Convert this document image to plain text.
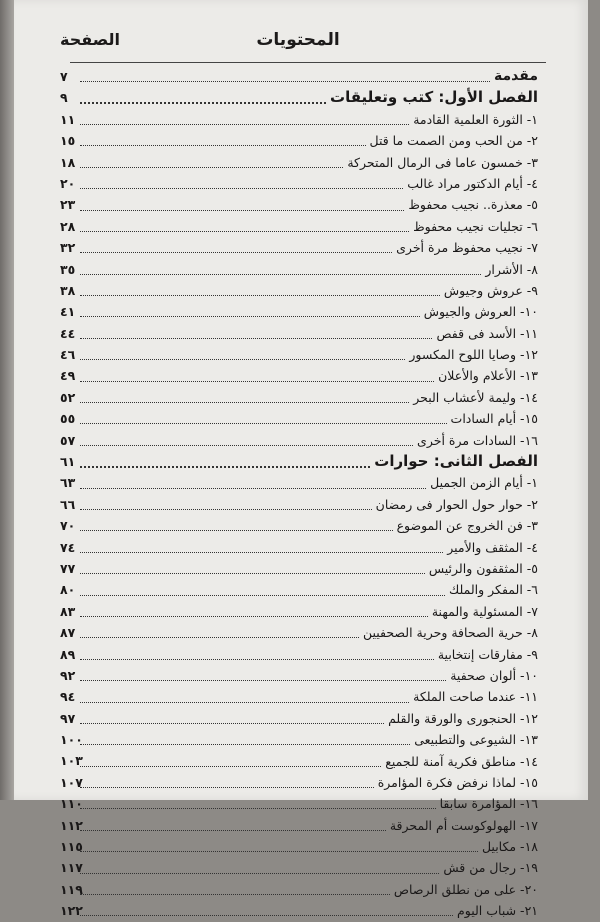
المحتويات
الصفحة
مقدمة
٧
الفصل الأول: كتب وتعليقات
٩
١- الثورة العلمية القادمة
١١
٢- من الحب ومن الصمت ما قتل
١٥
٣- خمسون عاما فى الرمال المتحركة
١٨
٤- أيام الدكتور مراد غالب
٢٠
٥- معذرة.. نجيب محفوظ
٢٣
٦- تجليات نجيب محفوظ
٢٨
٧- نجيب محفوظ مرة أخرى
٣٢
٨- الأشرار
٣٥
٩- عروش وجيوش
٣٨
١٠- العروش والجيوش
٤١
١١- الأسد فى قفص
٤٤
١٢- وصايا اللوح المكسور
٤٦
١٣- الأعلام والأعلان
٤٩
١٤- وليمة لأعشاب البحر
٥٢
١٥- أيام السادات
٥٥
١٦- السادات مرة أخرى
٥٧
الفصل الثانى: حوارات
٦١
١- أيام الزمن الجميل
٦٣
٢- حوار حول الحوار فى رمضان
٦٦
٣- فن الخروج عن الموضوع
٧٠
٤- المثقف والأمير
٧٤
٥- المثقفون والرئيس
٧٧
٦- المفكر والملك
٨٠
٧- المسئولية والمهنة
٨٣
٨- حرية الصحافة وحرية الصحفيين
٨٧
٩- مفارقات إنتخابية
٨٩
١٠- ألوان صحفية
٩٢
١١- عندما صاحت الملكة
٩٤
١٢- الحنجورى والورقة والقلم
٩٧
١٣- الشيوعى والتطبيعى
١٠٠
١٤- مناطق فكرية آمنة للجميع
١٠٣
١٥- لماذا نرفض فكرة المؤامرة
١٠٧
١٦- المؤامرة سابقا
١١٠
١٧- الهولوكوست أم المحرقة
١١٢
١٨- مكابيل
١١٥
١٩- رجال من قش
١١٧
٢٠- على من نطلق الرصاص
١١٩
٢١- شباب اليوم
١٢٢
